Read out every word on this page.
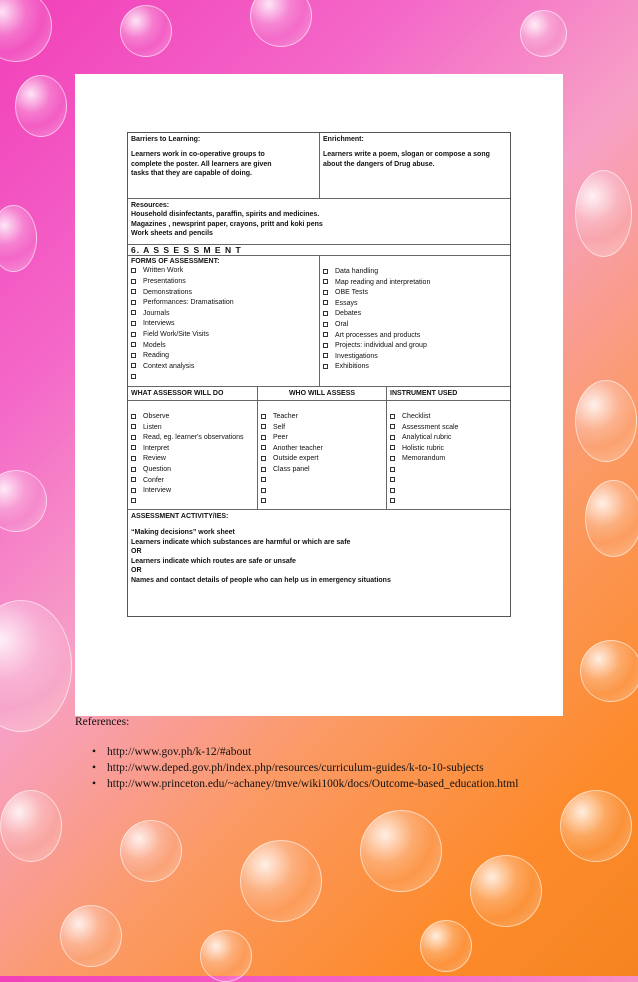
Barriers to Learning:
Learners work in co-operative groups to complete the poster. All learners are given tasks that they are capable of doing.
Enrichment:
Learners write a poem, slogan or compose a song about the dangers of Drug abuse.
Resources:
Household disinfectants, paraffin, spirits and medicines.
Magazines , newsprint paper, crayons, pritt and koki pens
Work sheets and pencils
6. A S S E S S M E N T
FORMS OF ASSESSMENT:
Written Work
Presentations
Demonstrations
Performances: Dramatisation
Journals
Interviews
Field Work/Site Visits
Models
Reading
Context analysis
Data handling
Map reading and interpretation
OBE Tests
Essays
Debates
Oral
Art processes and products
Projects: individual and group
Investigations
Exhibitions
WHAT ASSESSOR WILL DO	WHO WILL ASSESS	INSTRUMENT USED
Observe
Listen
Read, eg. learner's observations
Interpret
Review
Question
Confer
Interview
Teacher
Self
Peer
Another teacher
Outside expert
Class panel
Checklist
Assessment scale
Analytical rubric
Holistic rubric
Memorandum
ASSESSMENT ACTIVITY/IES:
“Making decisions” work sheet
Learners indicate which substances are harmful or which are safe
OR
Learners indicate which routes are safe or unsafe
OR
Names and contact details of people who can help us in emergency situations
References:
• http://www.gov.ph/k-12/#about
• http://www.deped.gov.ph/index.php/resources/curriculum-guides/k-to-10-subjects
• http://www.princeton.edu/~achaney/tmve/wiki100k/docs/Outcome-based_education.html
